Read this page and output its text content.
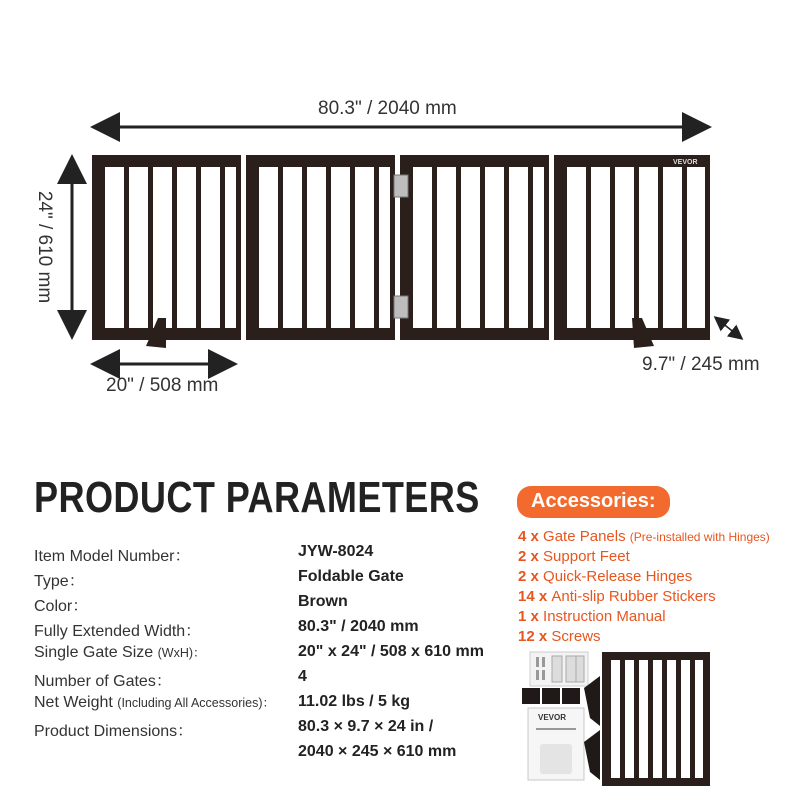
VEVOR
80.3" / 2040 mm
24" / 610 mm
20" / 508 mm
9.7" / 245 mm
PRODUCT PARAMETERS
Item Model Number：	JYW-8024
Type：	Foldable Gate
Color：	Brown
Fully Extended Width：	80.3" / 2040 mm
Single Gate Size (WxH)：	20" x 24" / 508 x 610 mm
Number of Gates：	4
Net Weight (Including All Accessories)： 11.02 lbs / 5 kg
Product Dimensions：	80.3 × 9.7 × 24 in /
2040 × 245 × 610 mm
Accessories:
4 x Gate Panels (Pre-installed with Hinges)
2 x Support Feet
2 x Quick-Release Hinges
14 x Anti-slip Rubber Stickers
1 x Instruction Manual
12 x Screws
VEVOR
